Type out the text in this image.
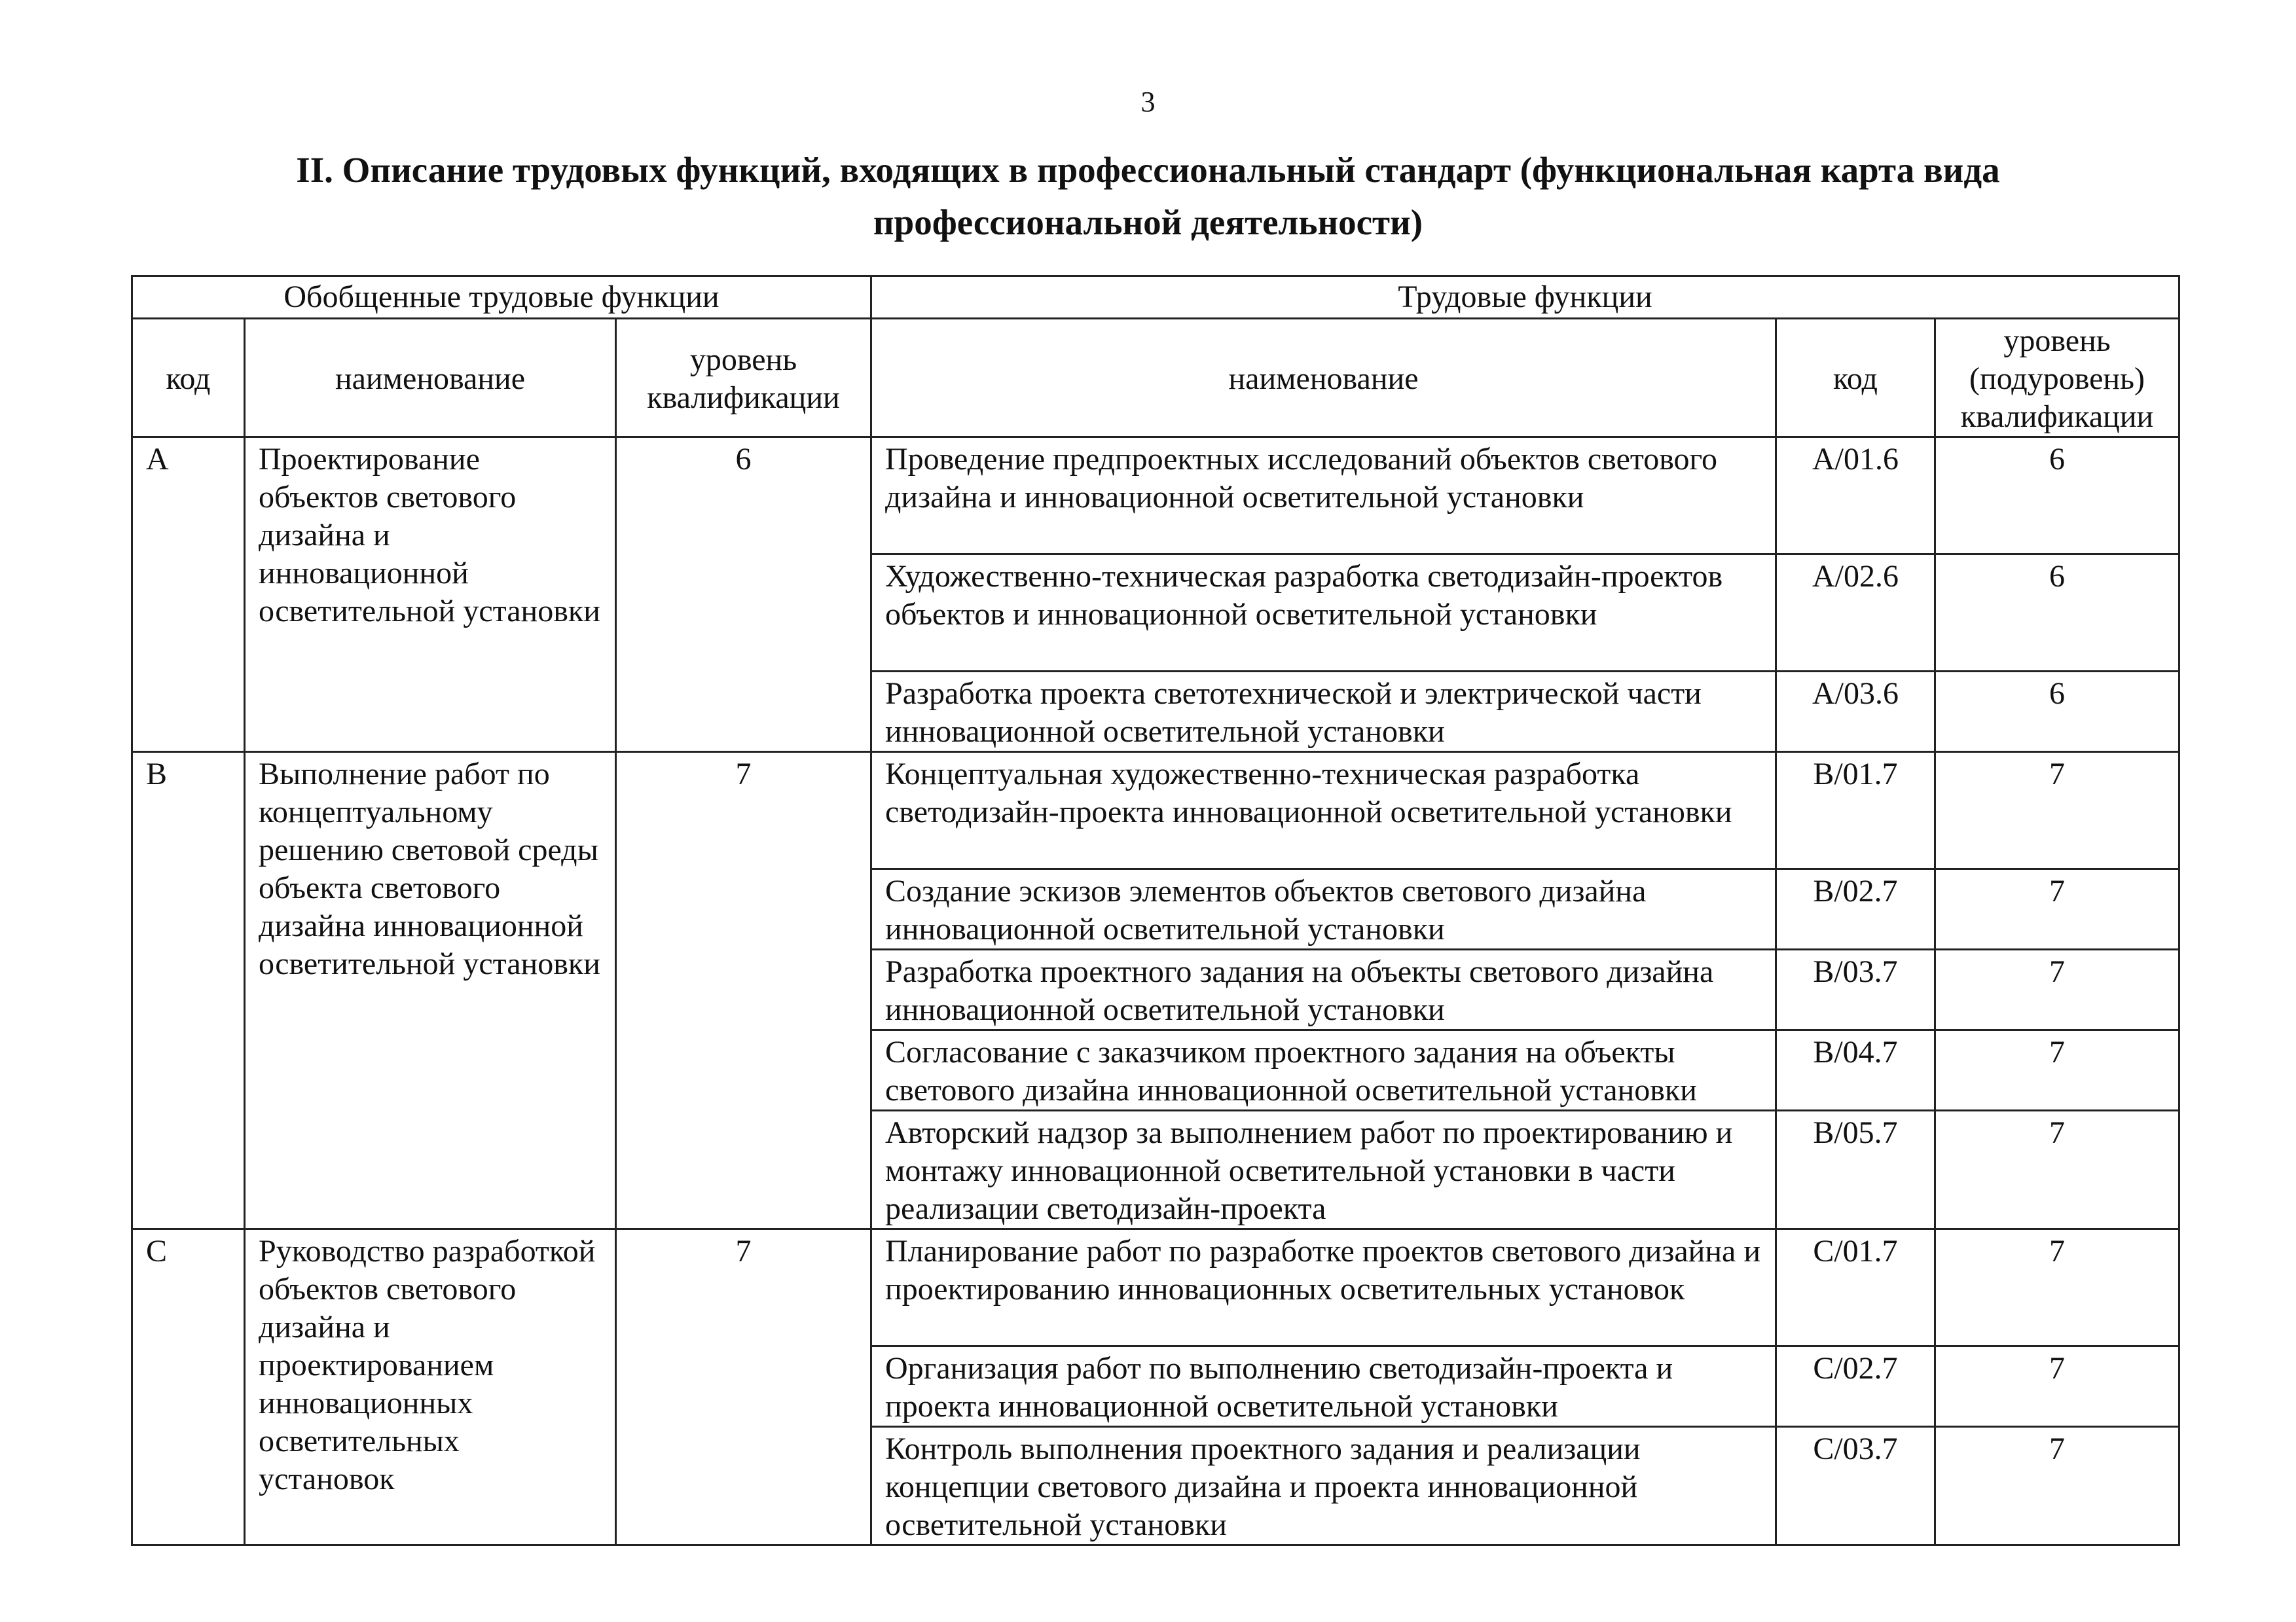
3
II. Описание трудовых функций, входящих в профессиональный стандарт (функциональная карта вида
профессиональной деятельности)
Обобщенные трудовые функции			Трудовые функции		
код	наименование	уровень квалификации	наименование	код	уровень (подуровень) квалификации
A	Проектирование объектов светового дизайна и инновационной осветительной установки	6	Проведение предпроектных исследований объектов светового дизайна и инновационной осветительной установки	A/01.6	6
			Художественно-техническая разработка светодизайн-проектов объектов и инновационной осветительной установки	A/02.6	6
			Разработка проекта светотехнической и электрической части инновационной осветительной установки	A/03.6	6
B	Выполнение работ по концептуальному решению световой среды объекта светового дизайна инновационной осветительной установки	7	Концептуальная художественно-техническая разработка светодизайн-проекта инновационной осветительной установки	B/01.7	7
			Создание эскизов элементов объектов светового дизайна инновационной осветительной установки	B/02.7	7
			Разработка проектного задания на объекты светового дизайна инновационной осветительной установки	B/03.7	7
			Согласование с заказчиком проектного задания на объекты светового дизайна инновационной осветительной установки	B/04.7	7
			Авторский надзор за выполнением работ по проектированию и монтажу инновационной осветительной установки в части реализации светодизайн-проекта	B/05.7	7
C	Руководство разработкой объектов светового дизайна и проектированием инновационных осветительных установок	7	Планирование работ по разработке проектов светового дизайна и проектированию инновационных осветительных установок	C/01.7	7
			Организация работ по выполнению светодизайн-проекта и проекта инновационной осветительной установки	C/02.7	7
			Контроль выполнения проектного задания и реализации концепции светового дизайна и проекта инновационной осветительной установки	C/03.7	7
